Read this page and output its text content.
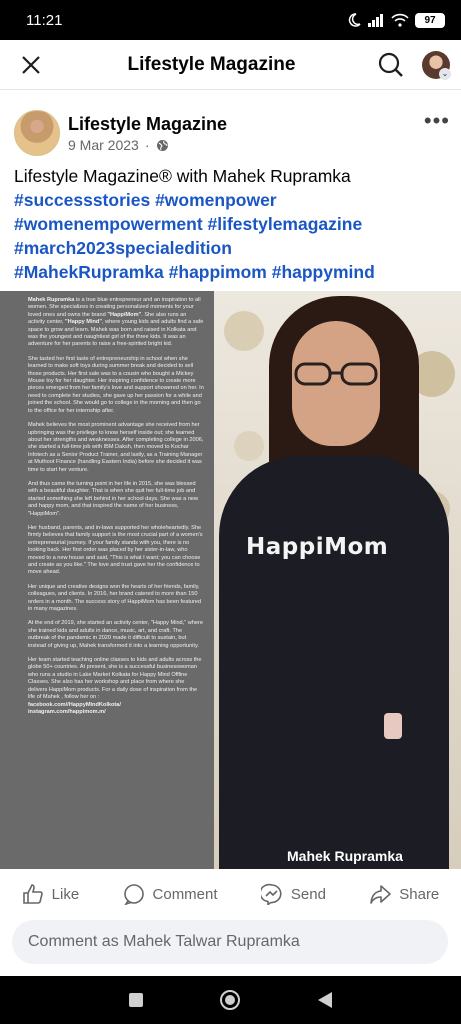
11:21	97
Lifestyle Magazine	⌄
Lifestyle Magazine
9 Mar 2023 ·
•••
Lifestyle Magazine® with Mahek Rupramka
#successstories #womenpower
#womenempowerment #lifestylemagazine
#march2023specialedition
#MahekRupramka #happimom #happymind

Mahek Rupramka is a true blue entrepreneur and an inspiration to all women. She specializes in creating personalized moments for your loved ones and owns the brand "HappiMom". She also runs an activity center, "Happy Mind", where young kids and adults find a safe space to grow and learn. Mahek was born and raised in Kolkata and was the youngest and naughtiest girl of the three kids. It was an adventure for her parents to raise a free-spirited bright kid.

She tasted her first taste of entrepreneurship in school when she learned to make soft toys during summer break and decided to sell those products. Her first sale was to a cousin who bought a Mickey Mouse toy for her daughter. Her inspiring confidence to create more pieces emerged from her family's love and support showered on her. In need to complete her studies, she gave up her passion for a while and joined the school. She would go to college in the morning and then go to the office for her internship after.

Mahek believes the most prominent advantage she received from her upbringing was the privilege to know herself inside out; she learned about her strengths and weaknesses. After completing college in 2006, she started a full-time job with IBM Daksh, then moved to Kochar Infotech as a Senior Product Trainer, and lastly, as a Training Manager at Muthoot Finance (handling Eastern India) before she decided it was time to start her venture.

And thus came the turning point in her life in 2015, she was blessed with a beautiful daughter. That is when she quit her full-time job and started something she left behind in her school days. She was a new and happy mom, and that inspired the name of her business, "HappiMom".

Her husband, parents, and in-laws supported her wholeheartedly. She firmly believes that family support is the most crucial part of a women's entrepreneurial journey. If your family stands with you, there is no looking back. Her first order was placed by her sister-in-law, who moved to a new house and said, "This is what I want; you can choose and create as you like." The love and trust gave her the confidence to move ahead.

Her unique and creative designs won the hearts of her friends, family, colleagues, and clients. In 2016, her brand catered to more than 150 orders in a month. The success story of HappiMom has been featured in many magazines.

At the end of 2019, she started an activity center, "Happy Mind," where she trained kids and adults in dance, music, art, and craft. The outbreak of the pandemic in 2020 made it difficult to sustain, but instead of giving up, Mahek transformed it into a learning opportunity.

Her team started teaching online classes to kids and adults across the globe 50+ countries. At present, she is a successful businesswoman who runs a studio in Lake Market Kolkata for Happy Mind Offline Classes. She also has her workshop and place from where she delivers HappiMom products. For a daily dose of inspiration from the life of Mahek , follow her on :
facebook.com//HappyMindKolkota/
instagram.com/happimom.m/

HappiMom
Mahek Rupramka
Like	Comment	Send	Share
Comment as Mahek Talwar Rupramka
